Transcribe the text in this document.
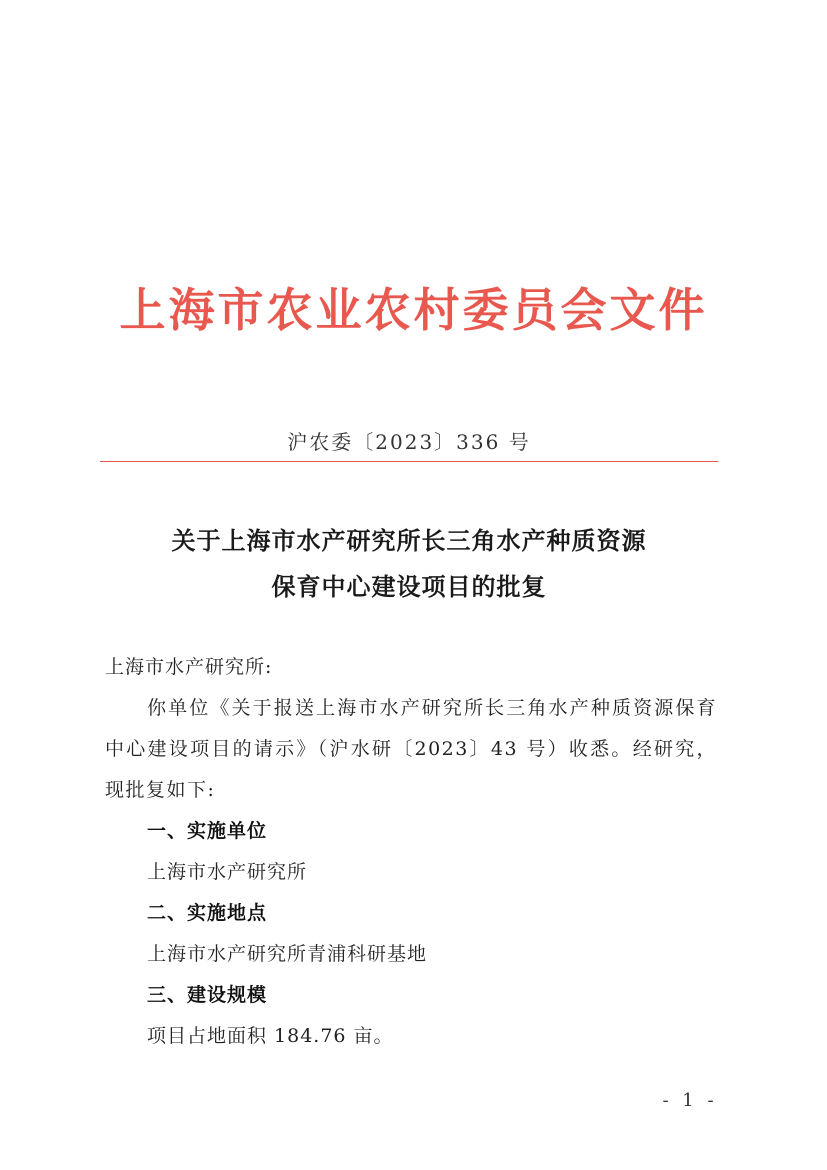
上海市农业农村委员会文件
沪农委〔2023〕336 号
关于上海市水产研究所长三角水产种质资源
保育中心建设项目的批复

上海市水产研究所:

你单位《关于报送上海市水产研究所长三角水产种质资源保育中心建设项目的请示》（沪水研〔2023〕43 号）收悉。经研究，现批复如下:

一、实施单位

上海市水产研究所

二、实施地点

上海市水产研究所青浦科研基地

三、建设规模

项目占地面积 184.76 亩。

- 1 -
